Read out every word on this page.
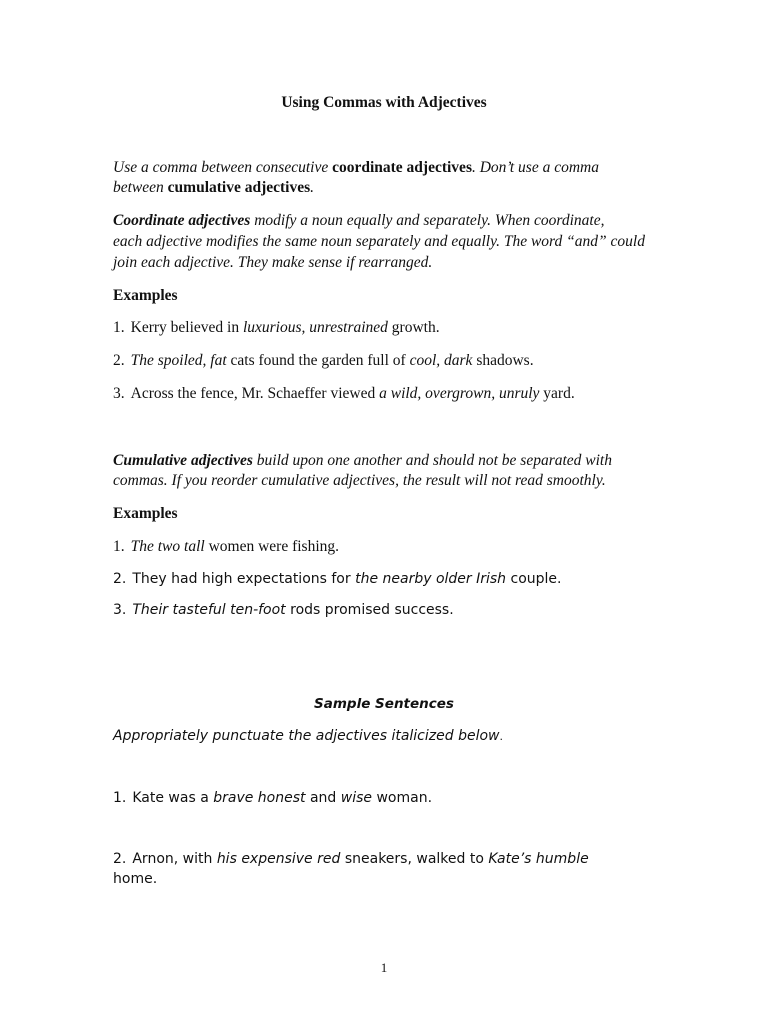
Using Commas with Adjectives

Use a comma between consecutive coordinate adjectives. Don’t use a comma

between cumulative adjectives.

Coordinate adjectives modify a noun equally and separately. When coordinate,

each adjective modifies the same noun separately and equally. The word “and” could

join each adjective. They make sense if rearranged.

Examples

1. Kerry believed in luxurious, unrestrained growth.

2. The spoiled, fat cats found the garden full of cool, dark shadows.

3. Across the fence, Mr. Schaeffer viewed a wild, overgrown, unruly yard.

Cumulative adjectives build upon one another and should not be separated with

commas. If you reorder cumulative adjectives, the result will not read smoothly.

Examples

1. The two tall women were fishing.

2. They had high expectations for the nearby older Irish couple.

3. Their tasteful ten-foot rods promised success.

Sample Sentences

Appropriately punctuate the adjectives italicized below.

1. Kate was a brave honest and wise woman.

2. Arnon, with his expensive red sneakers, walked to Kate’s humble

home.

1
